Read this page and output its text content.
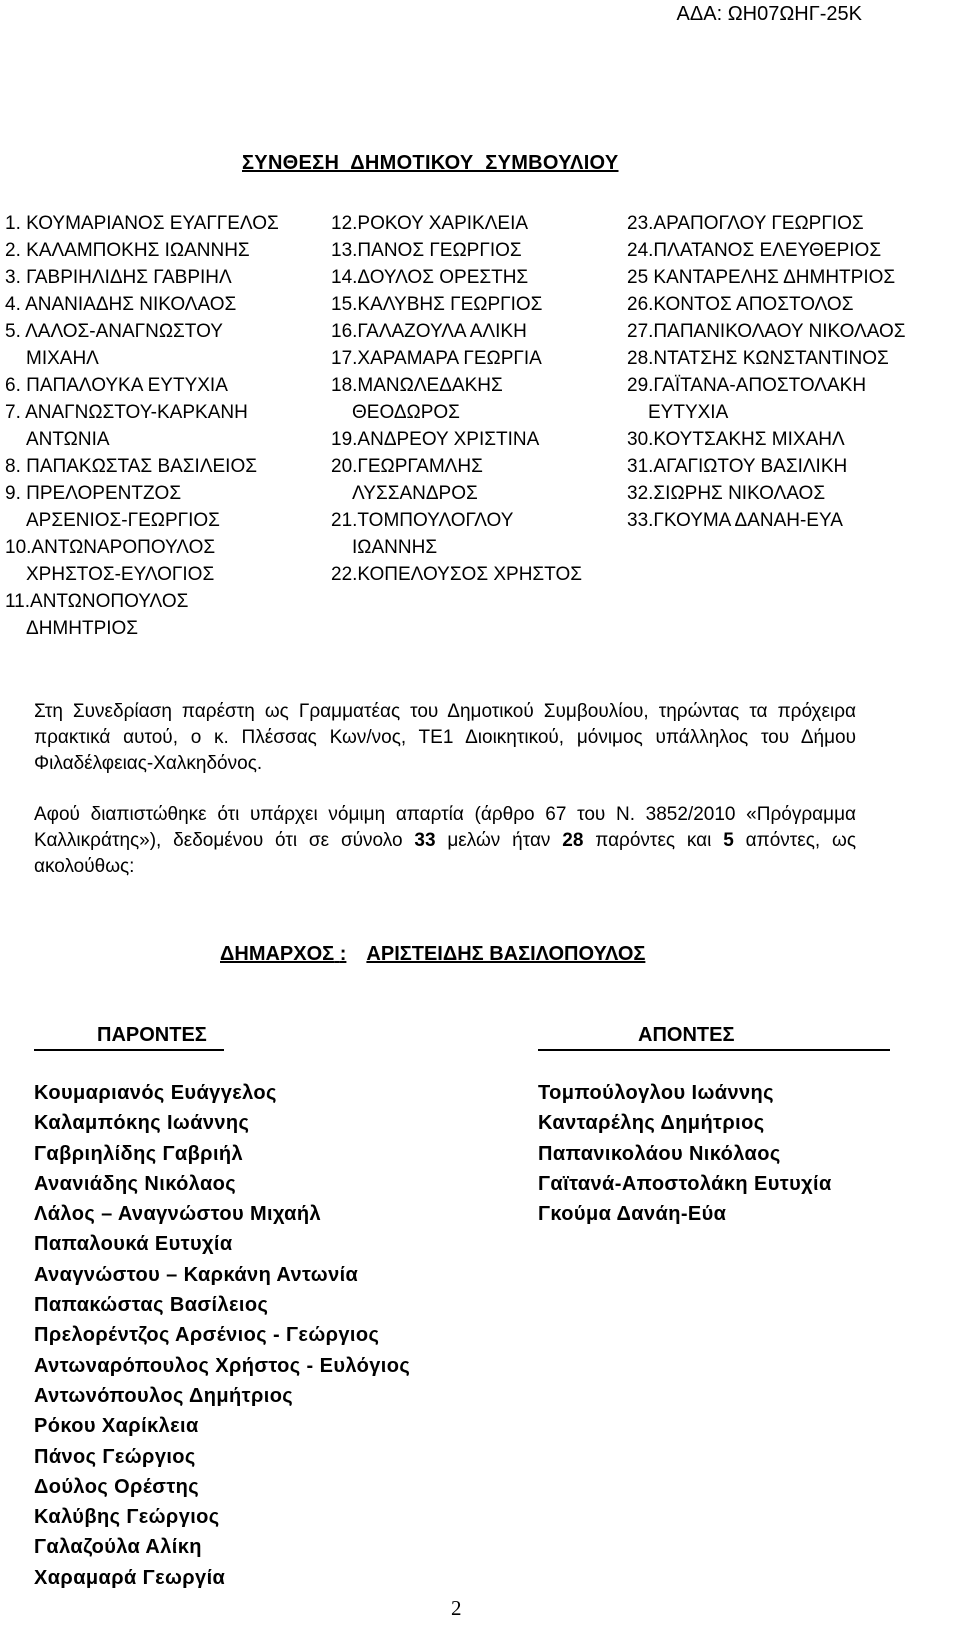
ΑΔΑ: ΩΗ07ΩΗΓ-25Κ
ΣΥΝΘΕΣΗ  ΔΗΜΟΤΙΚΟΥ  ΣΥΜΒΟΥΛΙΟΥ
1. ΚΟΥΜΑΡΙΑΝΟΣ ΕΥΑΓΓΕΛΟΣ
2. ΚΑΛΑΜΠΟΚΗΣ ΙΩΑΝΝΗΣ
3. ΓΑΒΡΙΗΛΙΔΗΣ ΓΑΒΡΙΗΛ
4. ΑΝΑΝΙΑΔΗΣ ΝΙΚΟΛΑΟΣ
5. ΛΑΛΟΣ-ΑΝΑΓΝΩΣΤΟΥ
ΜΙΧΑΗΛ
6. ΠΑΠΑΛΟΥΚΑ ΕΥΤΥΧΙΑ
7. ΑΝΑΓΝΩΣΤΟΥ-ΚΑΡΚΑΝΗ
ΑΝΤΩΝΙΑ
8. ΠΑΠΑΚΩΣΤΑΣ ΒΑΣΙΛΕΙΟΣ
9. ΠΡΕΛΟΡΕΝΤΖΟΣ
ΑΡΣΕΝΙΟΣ-ΓΕΩΡΓΙΟΣ
10.ΑΝΤΩΝΑΡΟΠΟΥΛΟΣ
ΧΡΗΣΤΟΣ-ΕΥΛΟΓΙΟΣ
11.ΑΝΤΩΝΟΠΟΥΛΟΣ
ΔΗΜΗΤΡΙΟΣ
12.ΡΟΚΟΥ ΧΑΡΙΚΛΕΙΑ
13.ΠΑΝΟΣ ΓΕΩΡΓΙΟΣ
14.ΔΟΥΛΟΣ ΟΡΕΣΤΗΣ
15.ΚΑΛΥΒΗΣ ΓΕΩΡΓΙΟΣ
16.ΓΑΛΑΖΟΥΛΑ ΑΛΙΚΗ
17.ΧΑΡΑΜΑΡΑ ΓΕΩΡΓΙΑ
18.ΜΑΝΩΛΕΔΑΚΗΣ
ΘΕΟΔΩΡΟΣ
19.ΑΝΔΡΕΟΥ ΧΡΙΣΤΙΝΑ
20.ΓΕΩΡΓΑΜΛΗΣ
ΛΥΣΣΑΝΔΡΟΣ
21.ΤΟΜΠΟΥΛΟΓΛΟΥ
ΙΩΑΝΝΗΣ
22.ΚΟΠΕΛΟΥΣΟΣ ΧΡΗΣΤΟΣ
23.ΑΡΑΠΟΓΛΟΥ ΓΕΩΡΓΙΟΣ
24.ΠΛΑΤΑΝΟΣ ΕΛΕΥΘΕΡΙΟΣ
25 ΚΑΝΤΑΡΕΛΗΣ ΔΗΜΗΤΡΙΟΣ
26.ΚΟΝΤΟΣ ΑΠΟΣΤΟΛΟΣ
27.ΠΑΠΑΝΙΚΟΛΑΟΥ ΝΙΚΟΛΑΟΣ
28.ΝΤΑΤΣΗΣ ΚΩΝΣΤΑΝΤΙΝΟΣ
29.ΓΑΪΤΑΝΑ-ΑΠΟΣΤΟΛΑΚΗ
ΕΥΤΥΧΙΑ
30.ΚΟΥΤΣΑΚΗΣ ΜΙΧΑΗΛ
31.ΑΓΑΓΙΩΤΟΥ ΒΑΣΙΛΙΚΗ
32.ΣΙΩΡΗΣ ΝΙΚΟΛΑΟΣ
33.ΓΚΟΥΜΑ ΔΑΝΑΗ-ΕΥΑ
Στη Συνεδρίαση παρέστη ως Γραμματέας του Δημοτικού Συμβουλίου, τηρώντας τα πρόχειρα πρακτικά αυτού, ο κ. Πλέσσας Κων/νος, ΤΕ1 Διοικητικού, μόνιμος υπάλληλος του Δήμου Φιλαδέλφειας-Χαλκηδόνος.
Αφού διαπιστώθηκε ότι υπάρχει νόμιμη απαρτία (άρθρο 67 του Ν. 3852/2010 «Πρόγραμμα Καλλικράτης»), δεδομένου ότι σε σύνολο 33 μελών ήταν 28 παρόντες και 5 απόντες, ως ακολούθως:
ΔΗΜΑΡΧΟΣ : ΑΡΙΣΤΕΙΔΗΣ ΒΑΣΙΛΟΠΟΥΛΟΣ
ΠΑΡΟΝΤΕΣ	ΑΠΟΝΤΕΣ
Κουμαριανός Ευάγγελος
Καλαμπόκης Ιωάννης
Γαβριηλίδης Γαβριήλ
Ανανιάδης Νικόλαος
Λάλος – Αναγνώστου Μιχαήλ
Παπαλουκά Ευτυχία
Αναγνώστου – Καρκάνη Αντωνία
Παπακώστας Βασίλειος
Πρελορέντζος Αρσένιος - Γεώργιος
Αντωναρόπουλος Χρήστος - Ευλόγιος
Αντωνόπουλος Δημήτριος
Ρόκου Χαρίκλεια
Πάνος Γεώργιος
Δούλος Ορέστης
Καλύβης Γεώργιος
Γαλαζούλα Αλίκη
Χαραμαρά Γεωργία
Τομπούλογλου Ιωάννης
Κανταρέλης Δημήτριος
Παπανικολάου Νικόλαος
Γαϊτανά-Αποστολάκη Ευτυχία
Γκούμα Δανάη-Εύα
2
